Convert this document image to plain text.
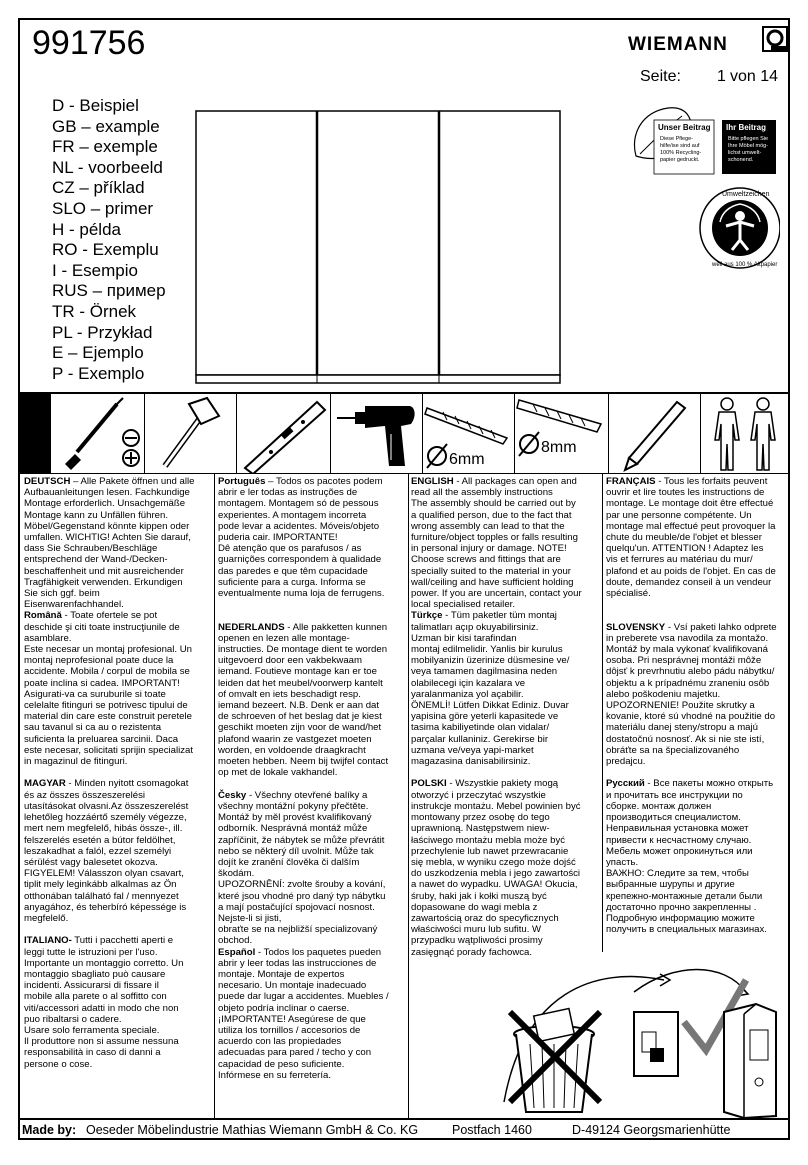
991756	WIEMANN
Seite: 1 von 14
D - Beispiel
GB – example
FR – exemple
NL - voorbeeld
CZ – příklad
SLO – primer
H - példa
RO - Exemplu
I - Esempio
RUS – пример
TR - Örnek
PL - Przykład
E – Ejemplo
P - Exemplo
Unser Beitrag
Diese Pflege-
hilfe/ise sind auf
100% Recycling-
papier gedruckt.
Ihr Beitrag
Bitte pflegen Sie
Ihre Möbel mög-
lichst umwelt-
schonend.
Umweltzeichen
weil aus 100 % Altpapier
6mm
8mm
DEUTSCH – Alle Pakete öffnen und alle
Aufbauanleitungen lesen. Fachkundige
Montage erforderlich. Unsachgemäße
Montage kann zu Unfällen führen.
Möbel/Gegenstand könnte kippen oder
umfallen. WICHTIG! Achten Sie darauf,
dass Sie Schrauben/Beschläge
entsprechend der Wand-/Decken-
beschaffenheit und mit ausreichender
Tragfähigkeit verwenden. Erkundigen
Sie sich ggf. beim
Eisenwarenfachhandel.
Română - Toate ofertele se pot
deschide şi citi toate instrucţiunile de
asamblare.
Este necesar un montaj profesional. Un
montaj neprofesional poate duce la
accidente. Mobila / corpul de mobila se
poate inclina si cadea. IMPORTANT!
Asigurati-va ca suruburile si toate
celelalte fitinguri se potrivesc tipului de
material din care este construit peretele
sau tavanul si ca au o rezistenta
suficienta la preluarea sarcinii. Daca
este necesar, solicitati sprijin specializat
in magazinul de fitinguri.

MAGYAR - Minden nyitott csomagokat
és az összes összeszerelési
utasításokat olvasni.Az összeszerelést
lehetőleg hozzáértő személy végezze,
mert nem megfelelő, hibás össze-, ill.
felszerelés esetén a bútor feldölhet,
leszakadhat a falól, ezzel személyi
sérülést vagy balesetet okozva.
FIGYELEM! Válasszon olyan csavart,
tiplit mely leginkább alkalmas az Ön
otthonában található fal / mennyezet
anyagához, és teherbíró képessége is
megfelelő.

ITALIANO- Tutti i pacchetti aperti e
leggi tutte le istruzioni per l'uso.
Importante un montaggio corretto. Un
montaggio sbagliato può causare
incidenti. Assicurarsi di fissare il
mobile alla parete o al soffitto con
viti/accessori adatti in modo che non
puo ribaltarsi o cadere.
Usare solo ferramenta speciale.
Il produttore non si assume nessuna
responsabilità in caso di danni a
persone o cose.
Português – Todos os pacotes podem
abrir e ler todas as instruções de
montagem. Montagem só de pessous
experientes. A montagem incorreta
pode levar a acidentes. Móveis/objeto
puderia cair. IMPORTANTE!
Dê atenção que os parafusos / as
guarnições correspondem à qualidade
das paredes e que têm cupacidade
suficiente para a curga. Informa se
eventualmente numa loja de ferrugens.

NEDERLANDS - Alle pakketten kunnen
openen en lezen alle montage-
instructies. De montage dient te worden
uitgevoerd door een vakbekwaam
iemand. Foutieve montage kan er toe
leiden dat het meubel/voorwerp kantelt
of omvalt en iets beschadigt resp.
iemand bezeert. N.B. Denk er aan dat
de schroeven of het beslag dat je kiest
geschikt moeten zijn voor de wand/het
plafond waarin ze vastgezet moeten
worden, en voldoende draagkracht
moeten hebben. Neem bij twijfel contact
op met de lokale vakhandel.

Česky - Všechny otevřené balíky a
všechny montážní pokyny přečtěte.
Montáž by měl provést kvalifikovaný
odborník. Nesprávná montáž může
zapříčinit, že nábytek se může převrátit
nebo se některý díl uvolnit. Může tak
dojít ke zranění člověka či dalším
škodám.
UPOZORNĚNÍ: zvolte šrouby a kování,
které jsou vhodné pro daný typ nábytku
a mají postačující spojovací nosnost.
Nejste-li si jisti,
obraťte se na nejbližší specializovaný
obchod.
Español - Todos los paquetes pueden
abrir y leer todas las instrucciones de
montaje. Montaje de expertos
necesario. Un montaje inadecuado
puede dar lugar a accidentes. Muebles /
objeto podría inclinar o caerse.
¡IMPORTANTE! Asegúrese de que
utiliza los tornillos / accesorios de
acuerdo con las propiedades
adecuadas para pared / techo y con
capacidad de peso suficiente.
Infórmese en su ferretería.
ENGLISH - All packages can open and
read all the assembly instructions
The assembly should be carried out by
a qualified person, due to the fact that
wrong assembly can lead to that the
furniture/object topples or falls resulting
in personal injury or damage. NOTE!
Choose screws and fittings that are
specially suited to the material in your
wall/ceiling and have sufficient holding
power. If you are uncertain, contact your
local specialised retailer.
Türkçe - Tüm paketler tüm montaj
talimatları açıp okuyabilirsiniz.
Uzman bir kisi tarafindan
montaj edilmelidir. Yanlis bir kurulus
mobilyanizin üzerinize düsmesine ve/
veya tamamen dagilmasina neden
olabilecegi için kazalara ve
yaralanmaniza yol açabilir.
ÖNEMLİ! Lütfen Dikkat Ediniz. Duvar
yapisina göre yeterli kapasitede ve
tasima kabiliyetinde olan vidalar/
parçalar kullaniniz. Gerekirse bir
uzmana ve/veya yapi-market
magazasina danisabilirsiniz.

POLSKI - Wszystkie pakiety mogą
otworzyć i przeczytać wszystkie
instrukcje montażu. Mebel powinien być
montowany przez osobę do tego
uprawnioną. Następstwem niew-
łaściwego montażu mebla może być
przechylenie lub nawet przewracanie
się mebla, w wyniku czego może dojść
do uszkodzenia mebla i jego zawartości
a nawet do wypadku. UWAGA! Okucia,
śruby, haki jak i kołki muszą być
dopasowane do wagi mebla z
zawartością oraz do specyficznych
właściwości muru lub sufitu. W
przypadku wątpliwości prosimy
zasięgnąć porady fachowca.
FRANÇAIS - Tous les forfaits peuvent
ouvrir et lire toutes les instructions de
montage. Le montage doit être effectué
par une personne compétente. Un
montage mal effectué peut provoquer la
chute du meuble/de l'objet et blesser
quelqu'un. ATTENTION ! Adaptez les
vis et ferrures au matériau du mur/
plafond et au poids de l'objet. En cas de
doute, demandez conseil à un vendeur
spécialisé.

SLOVENSKY - Vsí paketi lahko odprete
in preberete vsa navodila za montažo.
Montáž by mala vykonať kvalifikovaná
osoba. Pri nesprávnej montáži môže
dôjsť k prevrhnutiu alebo pádu nábytku/
objektu a k prípadnému zraneniu osôb
alebo poškodeniu majetku.
UPOZORNENIE! Použite skrutky a
kovanie, ktoré sú vhodné na použitie do
materiálu danej steny/stropu a majú
dostatočnú nosnosť. Ak si nie ste istí,
obráťte sa na špecializovaného
predajcu.

Русский - Все пакеты можно открыть
и прочитать все инструкции по
сборке. монтаж должен
производиться специалистом.
Неправильная установка может
привести к несчастному случаю.
Мебель может опрокинуться или
упасть.
ВАЖНО: Следите за тем, чтобы
выбранные шурупы и другие
крепежно-монтажные детали были
достаточно прочно закрепленны .
Подробную информацию можите
получить в специальных магазинах.
Made by: Oeseder Möbelindustrie Mathias Wiemann GmbH & Co. KG	Postfach 1460	D-49124 Georgsmarienhütte
